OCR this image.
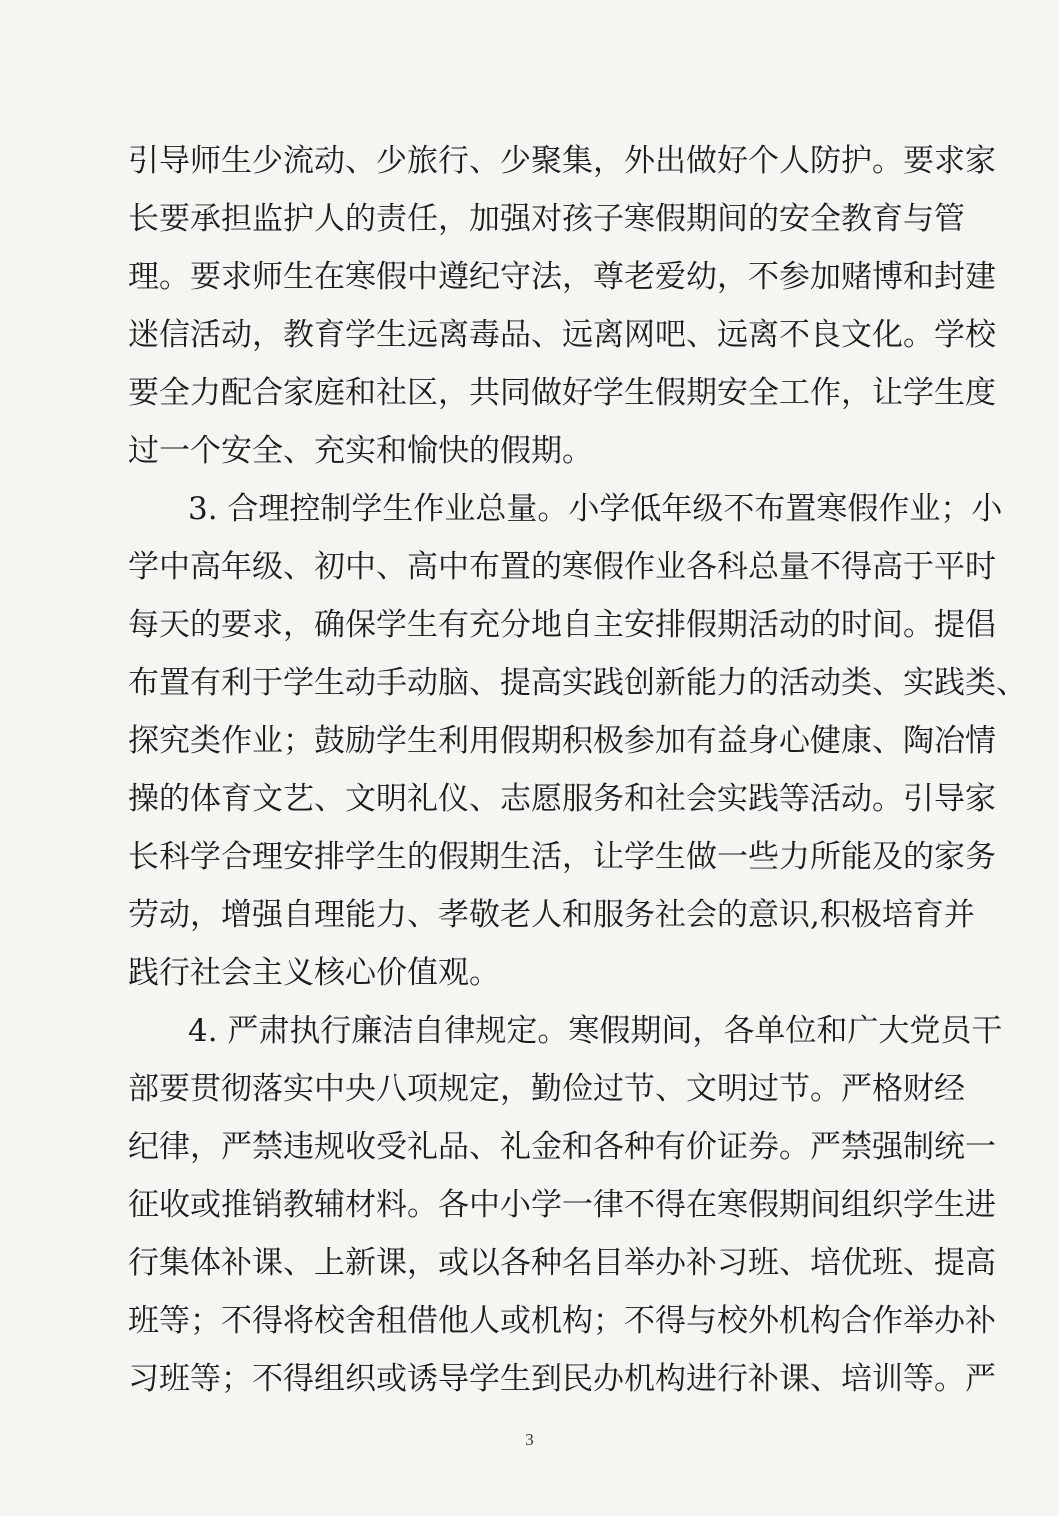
引导师生少流动、少旅行、少聚集，外出做好个人防护。要求家

长要承担监护人的责任，加强对孩子寒假期间的安全教育与管

理。要求师生在寒假中遵纪守法，尊老爱幼，不参加赌博和封建

迷信活动，教育学生远离毒品、远离网吧、远离不良文化。学校

要全力配合家庭和社区，共同做好学生假期安全工作，让学生度

过一个安全、充实和愉快的假期。

3. 合理控制学生作业总量。小学低年级不布置寒假作业；小

学中高年级、初中、高中布置的寒假作业各科总量不得高于平时

每天的要求，确保学生有充分地自主安排假期活动的时间。提倡

布置有利于学生动手动脑、提高实践创新能力的活动类、实践类、

探究类作业；鼓励学生利用假期积极参加有益身心健康、陶冶情

操的体育文艺、文明礼仪、志愿服务和社会实践等活动。引导家

长科学合理安排学生的假期生活，让学生做一些力所能及的家务

劳动，增强自理能力、孝敬老人和服务社会的意识,积极培育并

践行社会主义核心价值观。

4. 严肃执行廉洁自律规定。寒假期间，各单位和广大党员干

部要贯彻落实中央八项规定，勤俭过节、文明过节。严格财经

纪律，严禁违规收受礼品、礼金和各种有价证券。严禁强制统一

征收或推销教辅材料。各中小学一律不得在寒假期间组织学生进

行集体补课、上新课，或以各种名目举办补习班、培优班、提高

班等；不得将校舍租借他人或机构；不得与校外机构合作举办补

习班等；不得组织或诱导学生到民办机构进行补课、培训等。严

3
